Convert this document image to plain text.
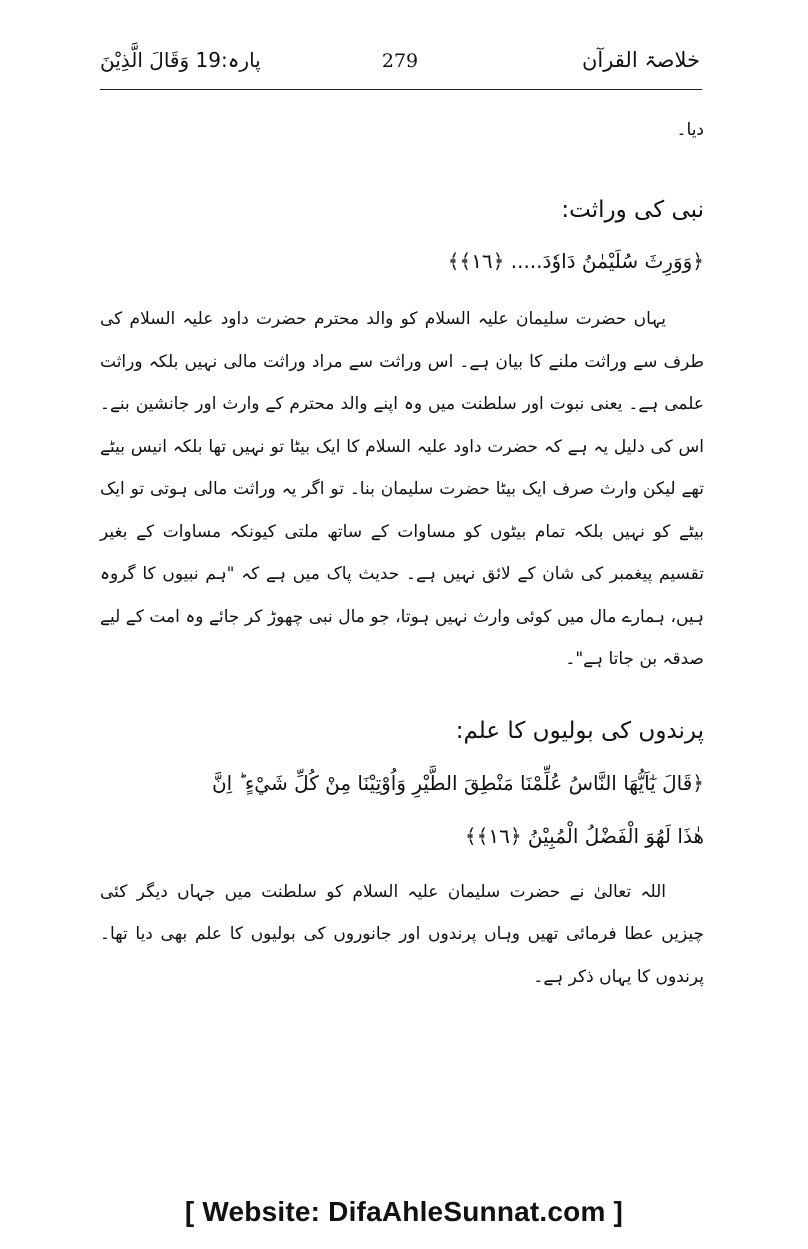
خلاصۃ القرآن
279
پارہ:19 وَقَالَ الَّذِيْنَ

دیا۔

نبی کی وراثت:

﴿وَوَرِثَ سُلَيْمٰنُ دَاوٗدَ..... ﴿١٦﴾﴾

یہاں حضرت سلیمان علیہ السلام کو والد محترم حضرت داود علیہ السلام کی طرف سے وراثت ملنے کا بیان ہے۔ اس وراثت سے مراد وراثت مالی نہیں بلکہ وراثت علمی ہے۔ یعنی نبوت اور سلطنت میں وہ اپنے والد محترم کے وارث اور جانشین بنے۔ اس کی دلیل یہ ہے کہ حضرت داود علیہ السلام کا ایک بیٹا تو نہیں تھا بلکہ انیس بیٹے تھے لیکن وارث صرف ایک بیٹا حضرت سلیمان بنا۔ تو اگر یہ وراثت مالی ہوتی تو ایک بیٹے کو نہیں بلکہ تمام بیٹوں کو مساوات کے ساتھ ملتی کیونکہ مساوات کے بغیر تقسیم پیغمبر کی شان کے لائق نہیں ہے۔ حدیث پاک میں ہے کہ "ہم نبیوں کا گروہ ہیں، ہمارے مال میں کوئی وارث نہیں ہوتا، جو مال نبی چھوڑ کر جائے وہ امت کے لیے صدقہ بن جاتا ہے"۔

پرندوں کی بولیوں کا علم:

﴿قَالَ يٰٓاَيُّهَا النَّاسُ عُلِّمْنَا مَنْطِقَ الطَّيْرِ وَاُوْتِيْنَا مِنْ كُلِّ شَيْءٍ ؕ اِنَّ

هٰذَا لَهُوَ الْفَضْلُ الْمُبِيْنُ ﴿١٦﴾﴾

اللہ تعالیٰ نے حضرت سلیمان علیہ السلام کو سلطنت میں جہاں دیگر کئی چیزیں عطا فرمائی تھیں وہاں پرندوں اور جانوروں کی بولیوں کا علم بھی دیا تھا۔ پرندوں کا یہاں ذکر ہے۔

[ Website: DifaAhleSunnat.com ]
